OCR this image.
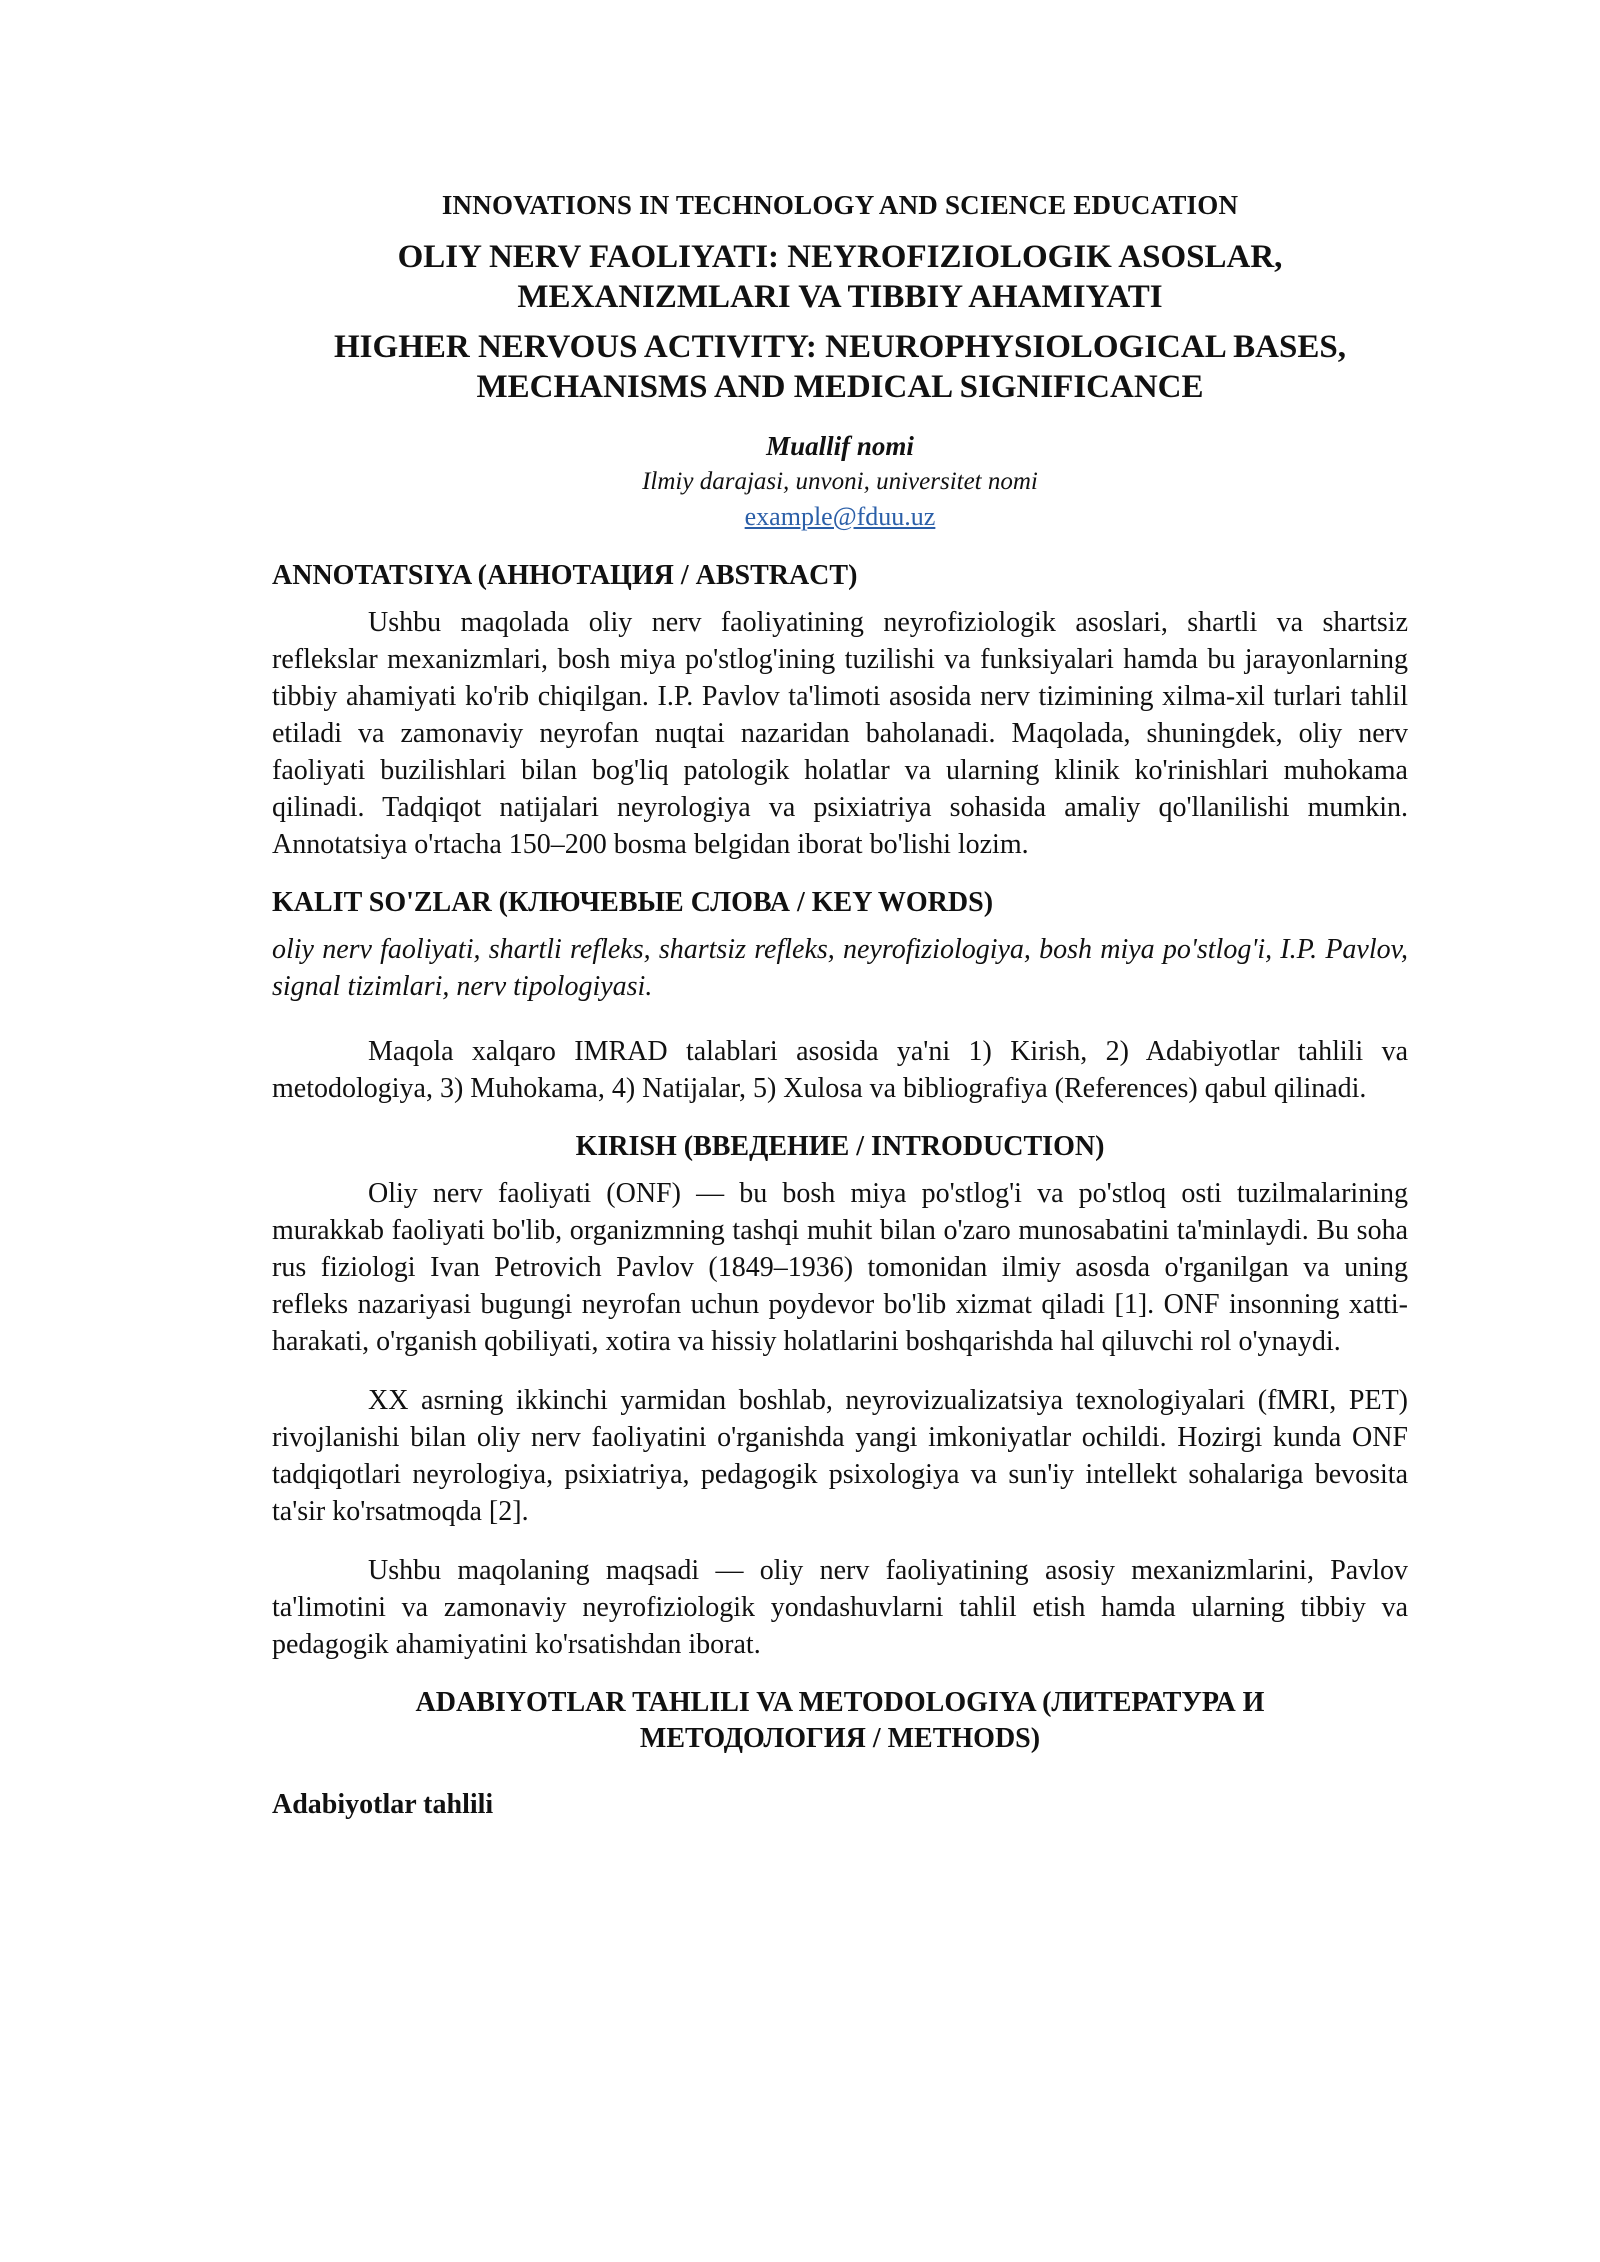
INNOVATIONS IN TECHNOLOGY AND SCIENCE EDUCATION
OLIY NERV FAOLIYATI: NEYROFIZIOLOGIK ASOSLAR,
MEXANIZMLARI VA TIBBIY AHAMIYATI
HIGHER NERVOUS ACTIVITY: NEUROPHYSIOLOGICAL BASES,
MECHANISMS AND MEDICAL SIGNIFICANCE
Muallif nomi
Ilmiy darajasi, unvoni, universitet nomi
example@fduu.uz
ANNOTATSIYA (АННОТАЦИЯ / ABSTRACT)

Ushbu maqolada oliy nerv faoliyatining neyrofiziologik asoslari, shartli va shartsiz reflekslar mexanizmlari, bosh miya po'stlog'ining tuzilishi va funksiyalari hamda bu jarayonlarning tibbiy ahamiyati ko'rib chiqilgan. I.P. Pavlov ta'limoti asosida nerv tizimining xilma-xil turlari tahlil etiladi va zamonaviy neyrofan nuqtai nazaridan baholanadi. Maqolada, shuningdek, oliy nerv faoliyati buzilishlari bilan bog'liq patologik holatlar va ularning klinik ko'rinishlari muhokama qilinadi. Tadqiqot natijalari neyrologiya va psixiatriya sohasida amaliy qo'llanilishi mumkin. Annotatsiya o'rtacha 150–200 bosma belgidan iborat bo'lishi lozim.

KALIT SO'ZLAR (КЛЮЧЕВЫЕ СЛОВА / KEY WORDS)

oliy nerv faoliyati, shartli refleks, shartsiz refleks, neyrofiziologiya, bosh miya po'stlog'i, I.P. Pavlov, signal tizimlari, nerv tipologiyasi.

Maqola xalqaro IMRAD talablari asosida ya'ni 1) Kirish, 2) Adabiyotlar tahlili va metodologiya, 3) Muhokama, 4) Natijalar, 5) Xulosa va bibliografiya (References) qabul qilinadi.

KIRISH (ВВЕДЕНИЕ / INTRODUCTION)

Oliy nerv faoliyati (ONF) — bu bosh miya po'stlog'i va po'stloq osti tuzilmalarining murakkab faoliyati bo'lib, organizmning tashqi muhit bilan o'zaro munosabatini ta'minlaydi. Bu soha rus fiziologi Ivan Petrovich Pavlov (1849–1936) tomonidan ilmiy asosda o'rganilgan va uning refleks nazariyasi bugungi neyrofan uchun poydevor bo'lib xizmat qiladi [1]. ONF insonning xatti-harakati, o'rganish qobiliyati, xotira va hissiy holatlarini boshqarishda hal qiluvchi rol o'ynaydi.

XX asrning ikkinchi yarmidan boshlab, neyrovizualizatsiya texnologiyalari (fMRI, PET) rivojlanishi bilan oliy nerv faoliyatini o'rganishda yangi imkoniyatlar ochildi. Hozirgi kunda ONF tadqiqotlari neyrologiya, psixiatriya, pedagogik psixologiya va sun'iy intellekt sohalariga bevosita ta'sir ko'rsatmoqda [2].

Ushbu maqolaning maqsadi — oliy nerv faoliyatining asosiy mexanizmlarini, Pavlov ta'limotini va zamonaviy neyrofiziologik yondashuvlarni tahlil etish hamda ularning tibbiy va pedagogik ahamiyatini ko'rsatishdan iborat.

ADABIYOTLAR TAHLILI VA METODOLOGIYA (ЛИТЕРАТУРА И
МЕТОДОЛОГИЯ / METHODS)
Adabiyotlar tahlili
